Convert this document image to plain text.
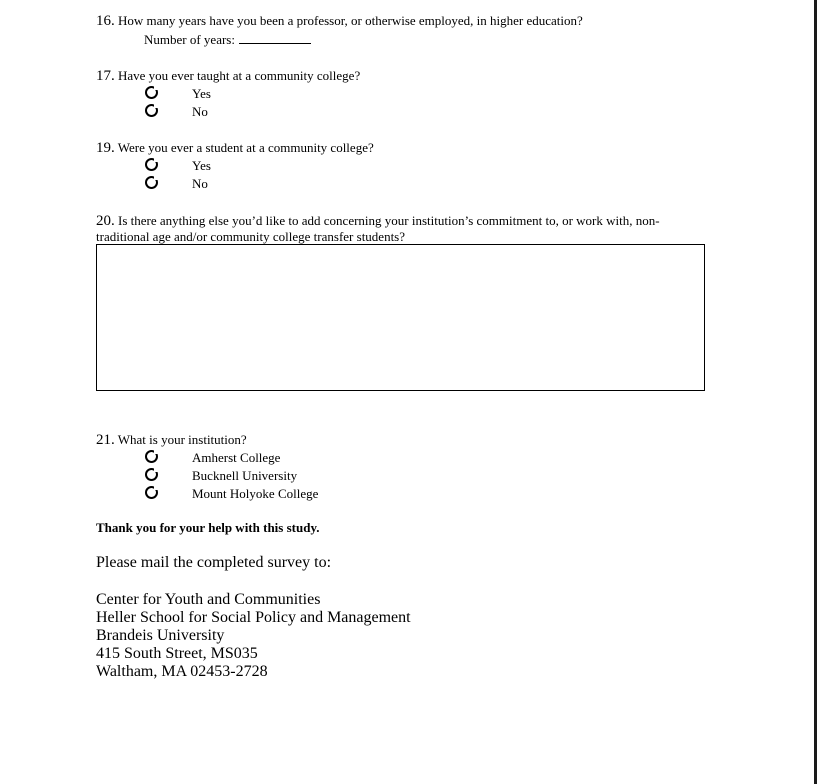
16. How many years have you been a professor, or otherwise employed, in higher education?
Number of years:
17. Have you ever taught at a community college?
Yes
No
19. Were you ever a student at a community college?
Yes
No
20. Is there anything else you’d like to add concerning your institution’s commitment to, or work with, non-traditional age and/or community college transfer students?
21. What is your institution?
Amherst College
Bucknell University
Mount Holyoke College
Thank you for your help with this study.
Please mail the completed survey to:
Center for Youth and Communities
Heller School for Social Policy and Management
Brandeis University
415 South Street, MS035
Waltham, MA 02453-2728
